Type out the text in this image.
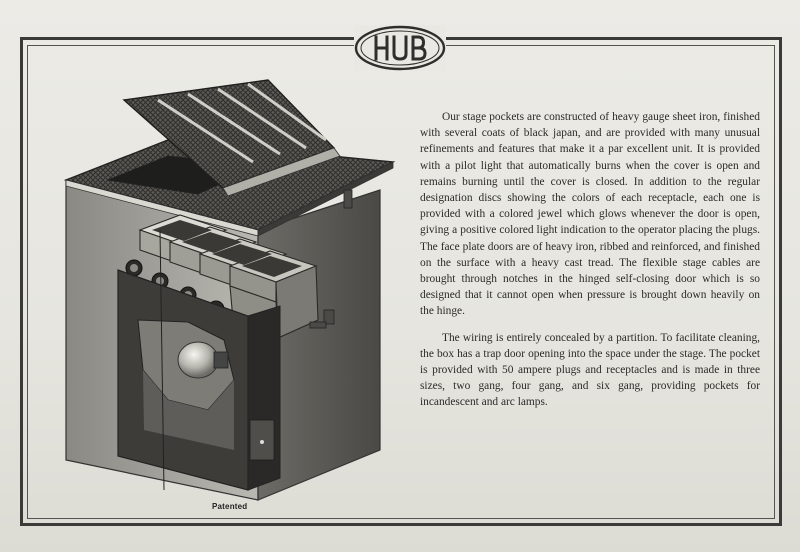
Patented

Our stage pockets are constructed of heavy gauge sheet iron, finished with several coats of black japan, and are provided with many unusual refinements and features that make it a par excellent unit. It is provided with a pilot light that automatically burns when the cover is open and remains burning until the cover is closed. In addition to the regular designation discs showing the colors of each receptacle, each one is provided with a colored jewel which glows whenever the door is open, giving a positive colored light indication to the operator placing the plugs. The face plate doors are of heavy iron, ribbed and reinforced, and finished on the surface with a heavy cast tread. The flexible stage cables are brought through notches in the hinged self-closing door which is so designed that it cannot open when pressure is brought down heavily on the hinge.

The wiring is entirely concealed by a partition. To facilitate cleaning, the box has a trap door opening into the space under the stage. The pocket is provided with 50 ampere plugs and receptacles and is made in three sizes, two gang, four gang, and six gang, providing pockets for incandescent and arc lamps.
